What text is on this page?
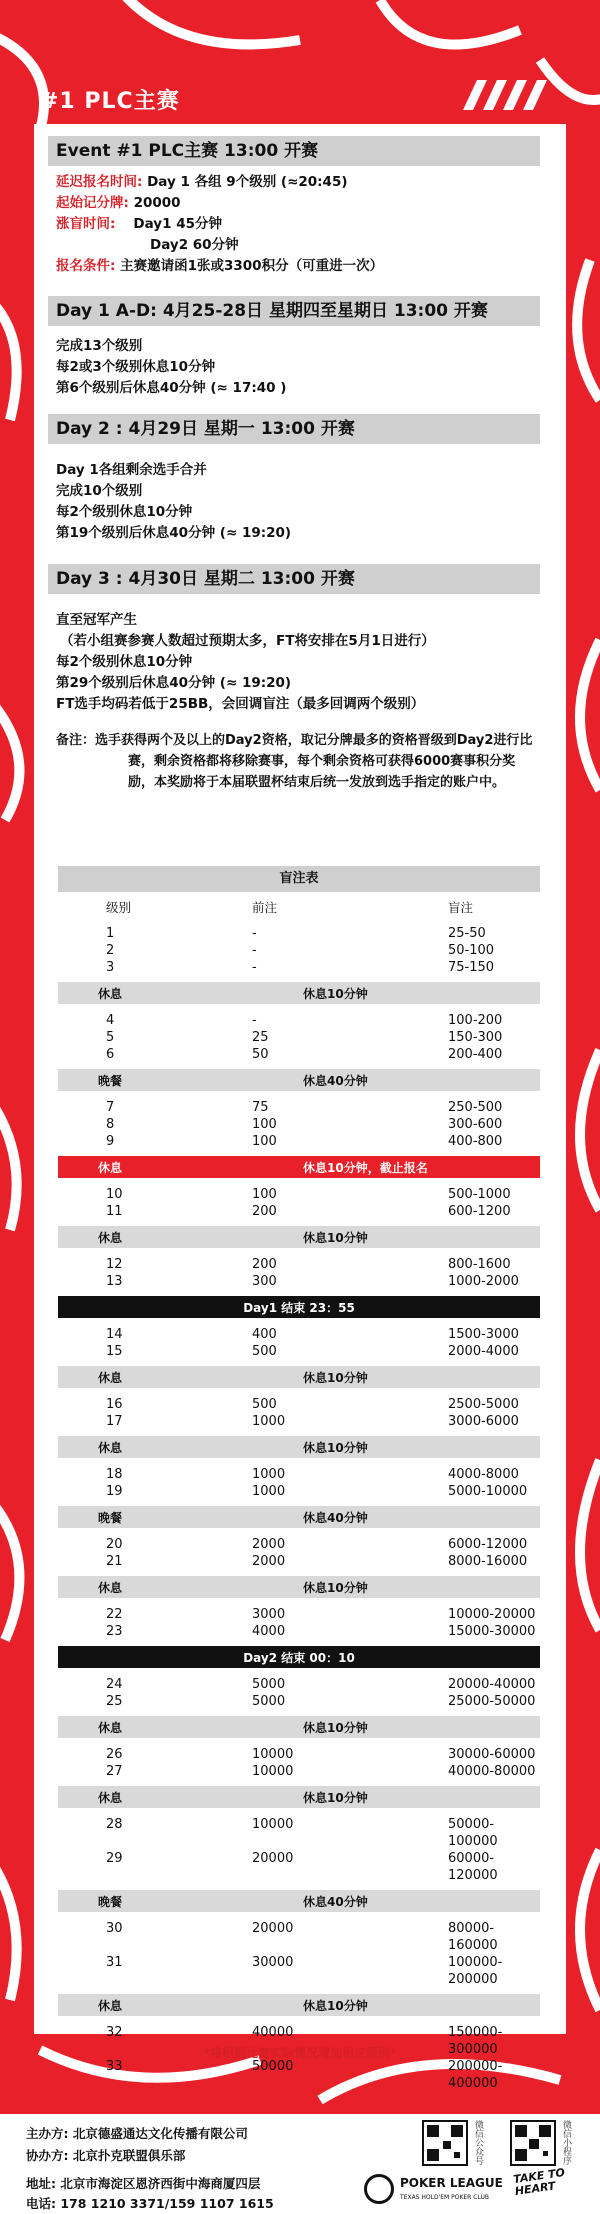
#1 PLC主赛
Event #1 PLC主赛 13:00 开赛
延迟报名时间: Day 1 各组 9个级别 (≈20:45)
起始记分牌: 20000
涨盲时间: Day1 45分钟
Day2 60分钟
报名条件: 主赛邀请函1张或3300积分（可重进一次）
Day 1 A-D: 4月25-28日 星期四至星期日 13:00 开赛
完成13个级别
每2或3个级别休息10分钟
第6个级别后休息40分钟 (≈ 17:40 )
Day 2 : 4月29日 星期一 13:00 开赛
Day 1各组剩余选手合并
完成10个级别
每2个级别休息10分钟
第19个级别后休息40分钟 (≈ 19:20)
Day 3 : 4月30日 星期二 13:00 开赛
直至冠军产生
（若小组赛参赛人数超过预期太多，FT将安排在5月1日进行）
每2个级别休息10分钟
第29个级别后休息40分钟 (≈ 19:20)
FT选手均码若低于25BB，会回调盲注（最多回调两个级别）
备注：选手获得两个及以上的Day2资格，取记分牌最多的资格晋级到Day2进行比赛，剩余资格都将移除赛事，每个剩余资格可获得6000赛事积分奖励，本奖励将于本届联盟杯结束后统一发放到选手指定的账户中。
盲注表
级别	前注	盲注
1	-	25-50
2	-	50-100
3	-	75-150
休息	休息10分钟
4	-	100-200
5	25	150-300
6	50	200-400
晚餐	休息40分钟
7	75	250-500
8	100	300-600
9	100	400-800
休息	休息10分钟，截止报名
10	100	500-1000
11	200	600-1200
休息	休息10分钟
12	200	800-1600
13	300	1000-2000
Day1 结束 23：55
14	400	1500-3000
15	500	2000-4000
休息	休息10分钟
16	500	2500-5000
17	1000	3000-6000
休息	休息10分钟
18	1000	4000-8000
19	1000	5000-10000
晚餐	休息40分钟
20	2000	6000-12000
21	2000	8000-16000
休息	休息10分钟
22	3000	10000-20000
23	4000	15000-30000
Day2 结束 00：10
24	5000	20000-40000
25	5000	25000-50000
休息	休息10分钟
26	10000	30000-60000
27	10000	40000-80000
休息	休息10分钟
28	10000	50000-100000
29	20000	60000-120000
晚餐	休息40分钟
30	20000	80000-160000
31	30000	100000-200000
休息	休息10分钟
32	40000	150000-300000
33	50000	200000-400000
*将根据比赛实际情况增加相应级别*
主办方: 北京德盛通达文化传播有限公司
协办方: 北京扑克联盟俱乐部
地址: 北京市海淀区恩济西街中海商厦四层
电话: 178 1210 3371/159 1107 1615
微信公众号	微信小程序
POKER LEAGUE
TEXAS HOLD'EM POKER CLUB
TAKE TO HEART
